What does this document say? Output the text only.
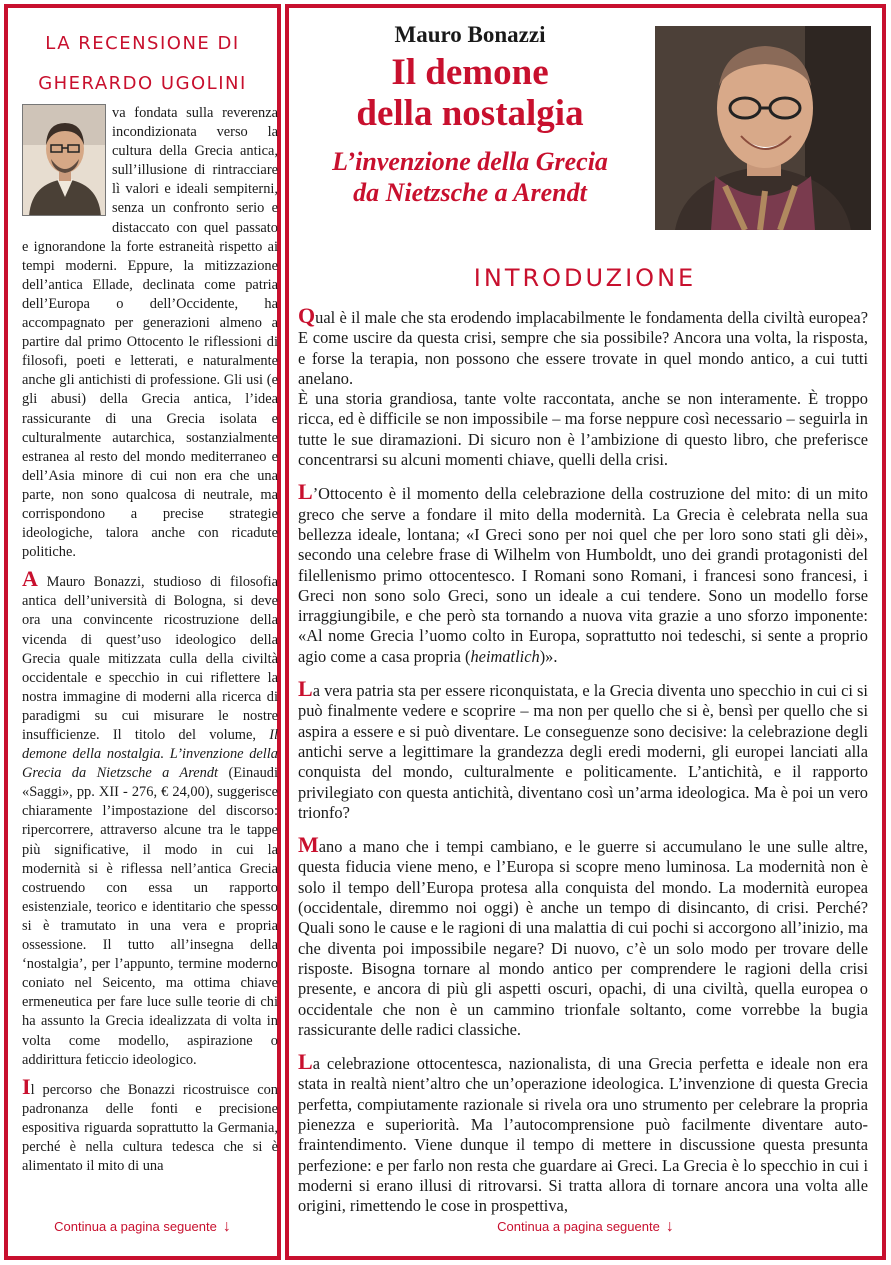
LA RECENSIONE DI
GHERARDO UGOLINI

va fondata sulla reverenza incondizionata verso la cultura della Grecia antica, sull’illusione di rintracciare lì valori e ideali sempiterni, senza un confronto serio e distaccato con quel passato e ignorandone la forte estraneità rispetto ai tempi moderni. Eppure, la mitizzazione dell’antica Ellade, declinata come patria dell’Europa o dell’Occidente, ha accompagnato per generazioni almeno a partire dal primo Ottocento le riflessioni di filosofi, poeti e letterati, e naturalmente anche gli antichisti di professione. Gli usi (e gli abusi) della Grecia antica, l’idea rassicurante di una Grecia isolata e culturalmente autarchica, sostanzialmente estranea al resto del mondo mediterraneo e dell’Asia minore di cui non era che una parte, non sono qualcosa di neutrale, ma corrispondono a precise strategie ideologiche, talora anche con ricadute politiche.

A Mauro Bonazzi, studioso di filosofia antica dell’università di Bologna, si deve ora una convincente ricostruzione della vicenda di quest’uso ideologico della Grecia quale mitizzata culla della civiltà occidentale e specchio in cui riflettere la nostra immagine di moderni alla ricerca di paradigmi su cui misurare le nostre insufficienze. Il titolo del volume, Il demone della nostalgia. L’invenzione della Grecia da Nietzsche a Arendt (Einaudi «Saggi», pp. XII - 276, € 24,00), suggerisce chiaramente l’impostazione del discorso: ripercorrere, attraverso alcune tra le tappe più significative, il modo in cui la modernità si è riflessa nell’antica Grecia costruendo con essa un rapporto esistenziale, teorico e identitario che spesso si è tramutato in una vera e propria ossessione. Il tutto all’insegna della ‘nostalgia’, per l’appunto, termine moderno coniato nel Seicento, ma ottima chiave ermeneutica per fare luce sulle teorie di chi ha assunto la Grecia idealizzata di volta in volta come modello, aspirazione o addirittura feticcio ideologico.

Il percorso che Bonazzi ricostruisce con padronanza delle fonti e precisione espositiva riguarda soprattutto la Germania, perché è nella cultura tedesca che si è alimentato il mito di una

Continua a pagina seguente ↓	Continua a pagina seguente ↓

Mauro Bonazzi

Il demone
della nostalgia

L’invenzione della Grecia
da Nietzsche a Arendt

INTRODUZIONE

Qual è il male che sta erodendo implacabilmente le fondamenta della civiltà europea? E come uscire da questa crisi, sempre che sia possibile? Ancora una volta, la risposta, e forse la terapia, non possono che essere trovate in quel mondo antico, a cui tutti anelano.

È una storia grandiosa, tante volte raccontata, anche se non interamente. È troppo ricca, ed è difficile se non impossibile – ma forse neppure così necessario – seguirla in tutte le sue diramazioni. Di sicuro non è l’ambizione di questo libro, che preferisce concentrarsi su alcuni momenti chiave, quelli della crisi.

L’Ottocento è il momento della celebrazione della costruzione del mito: di un mito greco che serve a fondare il mito della modernità. La Grecia è celebrata nella sua bellezza ideale, lontana; «I Greci sono per noi quel che per loro sono stati gli dèi», secondo una celebre frase di Wilhelm von Humboldt, uno dei grandi protagonisti del filellenismo primo ottocentesco. I Romani sono Romani, i francesi sono francesi, i Greci non sono solo Greci, sono un ideale a cui tendere. Sono un modello forse irraggiungibile, e che però sta tornando a nuova vita grazie a uno sforzo imponente: «Al nome Grecia l’uomo colto in Europa, soprattutto noi tedeschi, si sente a proprio agio come a casa propria (heimatlich)».

La vera patria sta per essere riconquistata, e la Grecia diventa uno specchio in cui ci si può finalmente vedere e scoprire – ma non per quello che si è, bensì per quello che si aspira a essere e si può diventare. Le conseguenze sono decisive: la celebrazione degli antichi serve a legittimare la grandezza degli eredi moderni, gli europei lanciati alla conquista del mondo, culturalmente e politicamente. L’antichità, e il rapporto privilegiato con questa antichità, diventano così un’arma ideologica. Ma è poi un vero trionfo?

Mano a mano che i tempi cambiano, e le guerre si accumulano le une sulle altre, questa fiducia viene meno, e l’Europa si scopre meno luminosa. La modernità non è solo il tempo dell’Europa protesa alla conquista del mondo. La modernità europea (occidentale, diremmo noi oggi) è anche un tempo di disincanto, di crisi. Perché? Quali sono le cause e le ragioni di una malattia di cui pochi si accorgono all’inizio, ma che diventa poi impossibile negare? Di nuovo, c’è un solo modo per trovare delle risposte. Bisogna tornare al mondo antico per comprendere le ragioni della crisi presente, e ancora di più gli aspetti oscuri, opachi, di una civiltà, quella europea o occidentale che non è un cammino trionfale soltanto, come vorrebbe la bugia rassicurante delle radici classiche.

La celebrazione ottocentesca, nazionalista, di una Grecia perfetta e ideale non era stata in realtà nient’altro che un’operazione ideologica. L’invenzione di questa Grecia perfetta, compiutamente razionale si rivela ora uno strumento per celebrare la propria pienezza e superiorità. Ma l’autocomprensione può facilmente diventare auto-fraintendimento. Viene dunque il tempo di mettere in discussione questa presunta perfezione: e per farlo non resta che guardare ai Greci. La Grecia è lo specchio in cui i moderni si erano illusi di ritrovarsi. Si tratta allora di tornare ancora una volta alle origini, rimettendo le cose in prospettiva,
